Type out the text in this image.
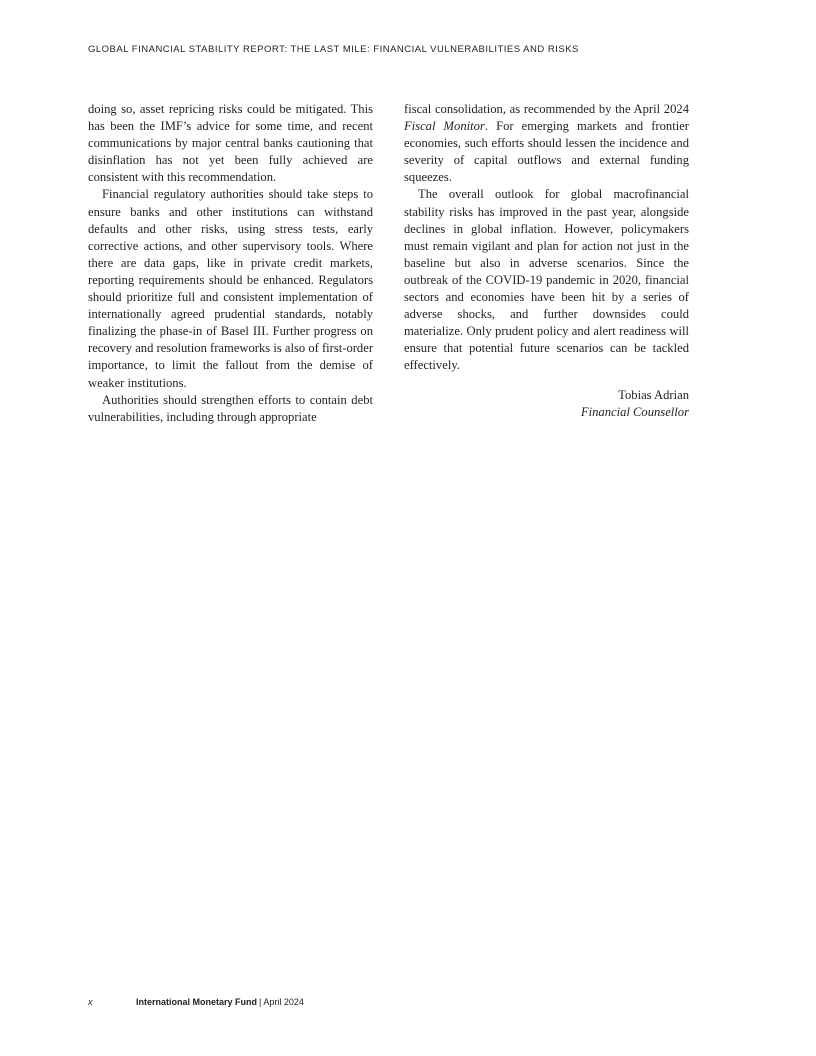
GLOBAL FINANCIAL STABILITY REPORT: THE LAST MILE: FINANCIAL VULNERABILITIES AND RISKS

doing so, asset repricing risks could be mitigated. This has been the IMF’s advice for some time, and recent communications by major central banks cautioning that disinflation has not yet been fully achieved are consistent with this recommendation.

Financial regulatory authorities should take steps to ensure banks and other institutions can withstand defaults and other risks, using stress tests, early corrective actions, and other supervisory tools. Where there are data gaps, like in private credit markets, reporting requirements should be enhanced. Regulators should prioritize full and consistent implementation of internationally agreed prudential standards, notably finalizing the phase-in of Basel III. Further progress on recovery and resolution frameworks is also of first-order importance, to limit the fallout from the demise of weaker institutions.

Authorities should strengthen efforts to contain debt vulnerabilities, including through appropriate

fiscal consolidation, as recommended by the April 2024 Fiscal Monitor. For emerging markets and frontier economies, such efforts should lessen the incidence and severity of capital outflows and external funding squeezes.

The overall outlook for global macrofinancial stability risks has improved in the past year, alongside declines in global inflation. However, policymakers must remain vigilant and plan for action not just in the baseline but also in adverse scenarios. Since the outbreak of the COVID-19 pandemic in 2020, financial sectors and economies have been hit by a series of adverse shocks, and further downsides could materialize. Only prudent policy and alert readiness will ensure that potential future scenarios can be tackled effectively.

Tobias Adrian
Financial Counsellor
x	International Monetary Fund | April 2024
